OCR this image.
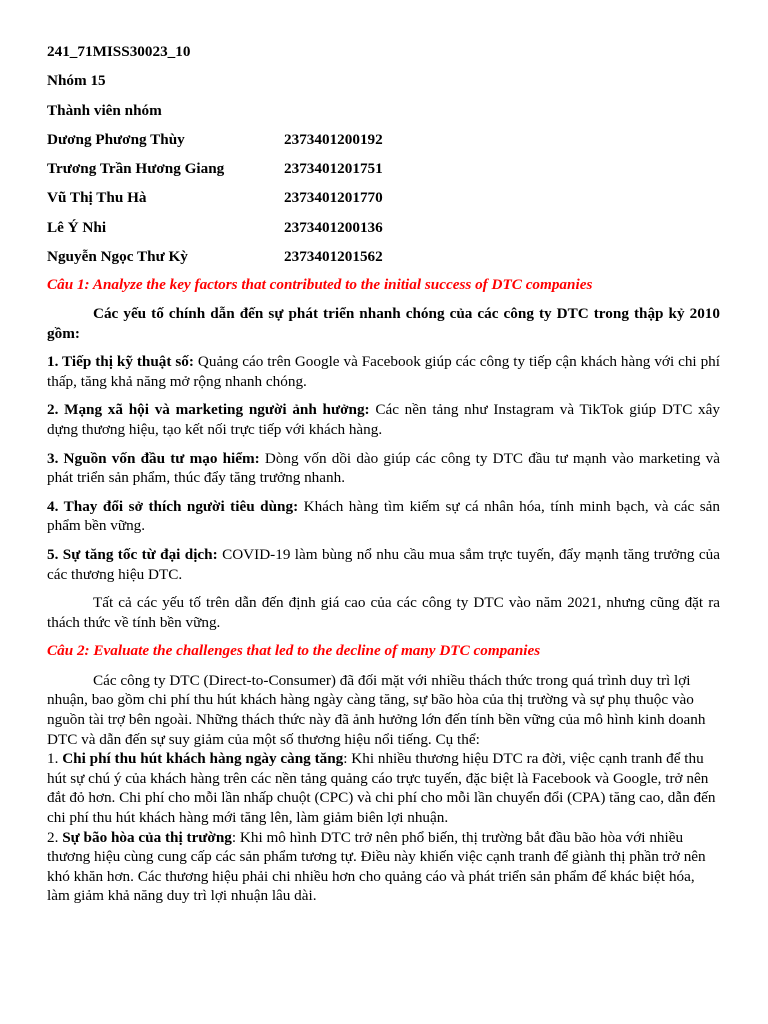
241_71MISS30023_10
Nhóm 15
Thành viên nhóm
Dương Phương Thùy	2373401200192
Trương Trần Hương Giang	2373401201751
Vũ Thị Thu Hà	2373401201770
Lê Ý Nhi	2373401200136
Nguyễn Ngọc Thư Kỳ	2373401201562
Câu 1: Analyze the key factors that contributed to the initial success of DTC companies
Các yếu tố chính dẫn đến sự phát triển nhanh chóng của các công ty DTC trong thập kỷ 2010 gồm:
1. Tiếp thị kỹ thuật số: Quảng cáo trên Google và Facebook giúp các công ty tiếp cận khách hàng với chi phí thấp, tăng khả năng mở rộng nhanh chóng.
2. Mạng xã hội và marketing người ảnh hưởng: Các nền tảng như Instagram và TikTok giúp DTC xây dựng thương hiệu, tạo kết nối trực tiếp với khách hàng.
3. Nguồn vốn đầu tư mạo hiểm: Dòng vốn dồi dào giúp các công ty DTC đầu tư mạnh vào marketing và phát triển sản phẩm, thúc đẩy tăng trưởng nhanh.
4. Thay đổi sở thích người tiêu dùng: Khách hàng tìm kiếm sự cá nhân hóa, tính minh bạch, và các sản phẩm bền vững.
5. Sự tăng tốc từ đại dịch: COVID-19 làm bùng nổ nhu cầu mua sắm trực tuyến, đẩy mạnh tăng trưởng của các thương hiệu DTC.
Tất cả các yếu tố trên dẫn đến định giá cao của các công ty DTC vào năm 2021, nhưng cũng đặt ra thách thức về tính bền vững.
Câu 2: Evaluate the challenges that led to the decline of many DTC companies
Các công ty DTC (Direct-to-Consumer) đã đối mặt với nhiều thách thức trong quá trình duy trì lợi nhuận, bao gồm chi phí thu hút khách hàng ngày càng tăng, sự bão hòa của thị trường và sự phụ thuộc vào nguồn tài trợ bên ngoài. Những thách thức này đã ảnh hưởng lớn đến tính bền vững của mô hình kinh doanh DTC và dẫn đến sự suy giảm của một số thương hiệu nổi tiếng. Cụ thể:
1. Chi phí thu hút khách hàng ngày càng tăng: Khi nhiều thương hiệu DTC ra đời, việc cạnh tranh để thu hút sự chú ý của khách hàng trên các nền tảng quảng cáo trực tuyến, đặc biệt là Facebook và Google, trở nên đắt đỏ hơn. Chi phí cho mỗi lần nhấp chuột (CPC) và chi phí cho mỗi lần chuyển đổi (CPA) tăng cao, dẫn đến chi phí thu hút khách hàng mới tăng lên, làm giảm biên lợi nhuận.
2. Sự bão hòa của thị trường: Khi mô hình DTC trở nên phổ biến, thị trường bắt đầu bão hòa với nhiều thương hiệu cùng cung cấp các sản phẩm tương tự. Điều này khiến việc cạnh tranh để giành thị phần trở nên khó khăn hơn. Các thương hiệu phải chi nhiều hơn cho quảng cáo và phát triển sản phẩm để khác biệt hóa, làm giảm khả năng duy trì lợi nhuận lâu dài.
